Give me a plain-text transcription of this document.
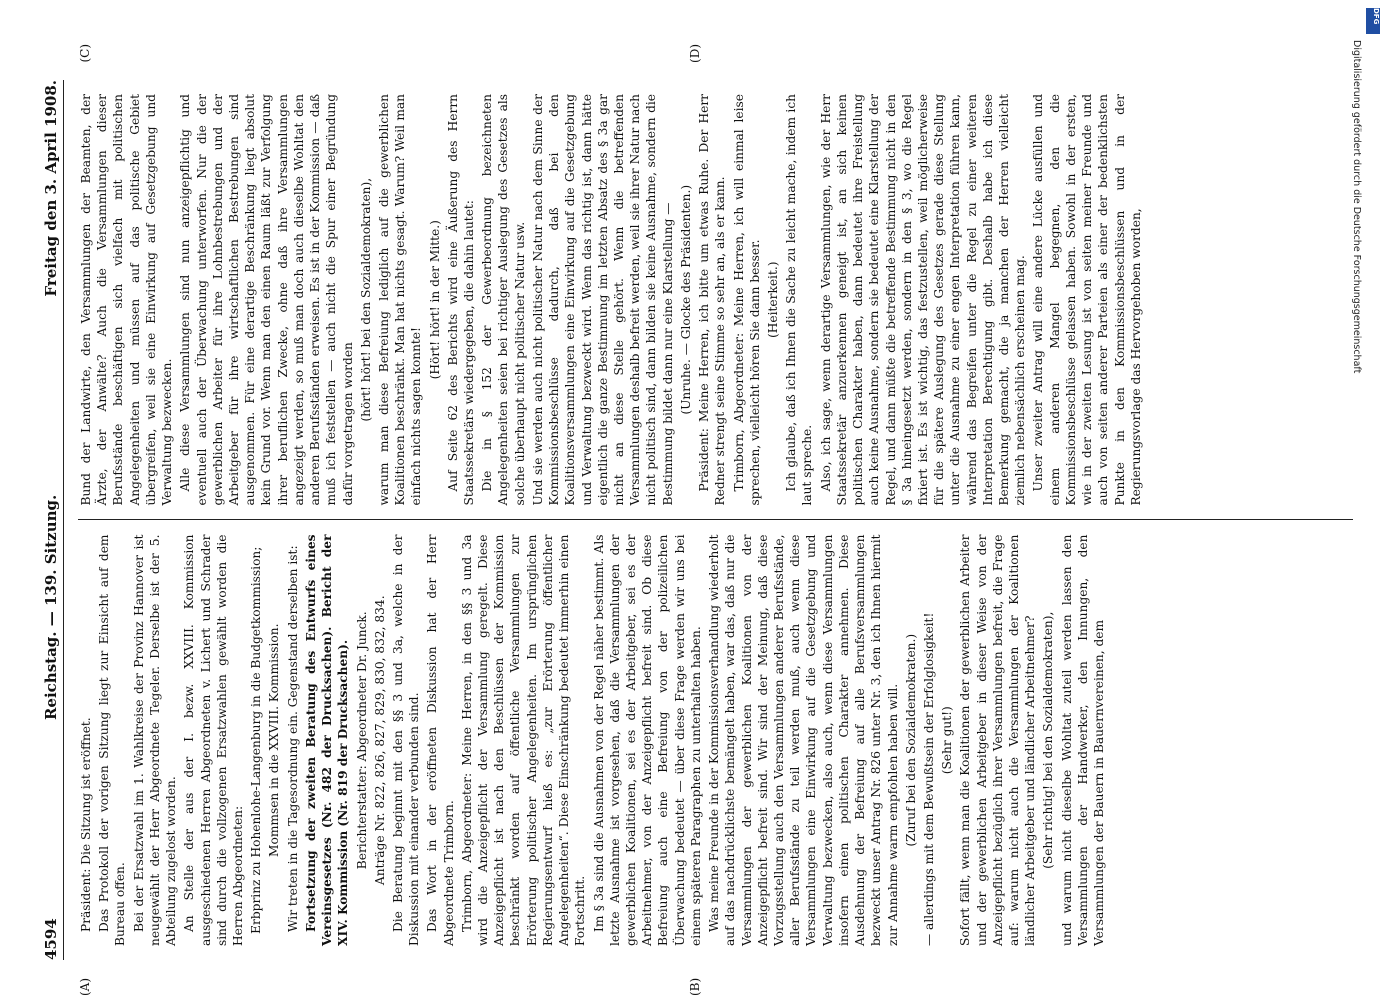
4594
Reichstag. — 139. Sitzung.
Freitag den 3. April 1908.
(A)	(B)

Präsident: Die Sitzung ist eröffnet. Das Protokoll der vorigen Sitzung liegt zur Einsicht auf dem Bureau offen. Bei der Ersatzwahl im 1. Wahlkreise der Provinz Hannover ist neugewählt der Herr Abgeordnete Tegeler. Derselbe ist der 5. Abteilung zugelost worden. An Stelle der aus der I. bezw. XXVIII. Kommission ausgeschiedenen Herren Abgeordneten v. Lichert und Schrader sind durch die vollzogenen Ersatzwahlen gewählt worden die Herren Abgeordneten: Erbprinz zu Hohenlohe-Langenburg in die Budgetkommission; Mommsen in die XXVIII. Kommission. Wir treten in die Tagesordnung ein. Gegenstand derselben ist: Fortsetzung der zweiten Beratung des Entwurfs eines Vereinsgesetzes (Nr. 482 der Drucksachen). Bericht der XIV. Kommission (Nr. 819 der Drucksachen). Berichterstatter: Abgeordneter Dr. Junck. Anträge Nr. 822, 826, 827, 829, 830, 832, 834. Die Beratung beginnt mit den §§ 3 und 3a, welche in der Diskussion mit einander verbunden sind. Das Wort in der eröffneten Diskussion hat der Herr Abgeordnete Trimborn. Trimborn, Abgeordneter: Meine Herren, in den §§ 3 und 3a wird die Anzeigepflicht der Versammlung geregelt. Diese Anzeigepflicht ist nach den Beschlüssen der Kommission beschränkt worden auf öffentliche Versammlungen zur Erörterung politischer Angelegenheiten. Im ursprünglichen Regierungsentwurf hieß es: „zur Erörterung öffentlicher Angelegenheiten“. Diese Einschränkung bedeutet immerhin einen Fortschritt. Im § 3a sind die Ausnahmen von der Regel näher bestimmt. Als letzte Ausnahme ist vorgesehen, daß die Versammlungen der gewerblichen Koalitionen, sei es der Arbeitgeber, sei es der Arbeitnehmer, von der Anzeigepflicht befreit sind. Ob diese Befreiung auch eine Befreiung von der polizeilichen Überwachung bedeutet — über diese Frage werden wir uns bei einem späteren Paragraphen zu unterhalten haben. Was meine Freunde in der Kommissionsverhandlung wiederholt auf das nachdrücklichste bemängelt haben, war das, daß nur die Versammlungen der gewerblichen Koalitionen von der Anzeigepflicht befreit sind. Wir sind der Meinung, daß diese Vorzugsstellung auch den Versammlungen anderer Berufsstände, aller Berufsstände zu teil werden muß, auch wenn diese Versammlungen eine Einwirkung auf die Gesetzgebung und Verwaltung bezwecken, also auch, wenn diese Versammlungen insofern einen politischen Charakter annehmen. Diese Ausdehnung der Befreiung auf alle Berufsversammlungen bezweckt unser Antrag Nr. 826 unter Nr. 3, den ich Ihnen hiermit zur Annahme warm empfohlen haben will. (Zuruf bei den Sozialdemokraten.) — allerdings mit dem Bewußtsein der Erfolglosigkeit! (Sehr gut!) Sofort fällt, wenn man die Koalitionen der gewerblichen Arbeiter und der gewerblichen Arbeitgeber in dieser Weise von der Anzeigepflicht bezüglich ihrer Versammlungen befreit, die Frage auf: warum nicht auch die Versammlungen der Koalitionen ländlicher Arbeitgeber und ländlicher Arbeitnehmer? (Sehr richtig! bei den Sozialdemokraten), und warum nicht dieselbe Wohltat zuteil werden lassen den Versammlungen der Handwerker, den Innungen, den Versammlungen der Bauern in Bauernvereinen, dem

(C)	(D)

Bund der Landwirte, den Versammlungen der Beamten, der Ärzte, der Anwälte? Auch die Versammlungen dieser Berufsstände beschäftigen sich vielfach mit politischen Angelegenheiten und müssen auf das politische Gebiet übergreifen, weil sie eine Einwirkung auf Gesetzgebung und Verwaltung bezwecken. Alle diese Versammlungen sind nun anzeigepflichtig und eventuell auch der Überwachung unterworfen. Nur die der gewerblichen Arbeiter für ihre Lohnbestrebungen und der Arbeitgeber für ihre wirtschaftlichen Bestrebungen sind ausgenommen. Für eine derartige Beschränkung liegt absolut kein Grund vor. Wenn man den einen Raum läßt zur Verfolgung ihrer beruflichen Zwecke, ohne daß ihre Versammlungen angezeigt werden, so muß man doch auch dieselbe Wohltat den anderen Berufsständen erweisen. Es ist in der Kommission — daß muß ich feststellen — auch nicht die Spur einer Begründung dafür vorgetragen worden

(hört! hört! bei den Sozialdemokraten), warum man diese Befreiung lediglich auf die gewerblichen Koalitionen beschränkt. Man hat nichts gesagt. Warum? Weil man einfach nichts sagen konnte!

(Hört! hört! in der Mitte.) Auf Seite 62 des Berichts wird eine Äußerung des Herrn Staatssekretärs wiedergegeben, die dahin lautet: Die in § 152 der Gewerbeordnung bezeichneten Angelegenheiten seien bei richtiger Auslegung des Gesetzes als solche überhaupt nicht politischer Natur usw. Und sie werden auch nicht politischer Natur nach dem Sinne der Kommissionsbeschlüsse dadurch, daß bei den Koalitionsversammlungen eine Einwirkung auf die Gesetzgebung und Verwaltung bezweckt wird. Wenn das richtig ist, dann hätte eigentlich die ganze Bestimmung im letzten Absatz des § 3a gar nicht an diese Stelle gehört. Wenn die betreffenden Versammlungen deshalb befreit werden, weil sie ihrer Natur nach nicht politisch sind, dann bilden sie keine Ausnahme, sondern die Bestimmung bildet dann nur eine Klarstellung — (Unruhe. — Glocke des Präsidenten.) Präsident: Meine Herren, ich bitte um etwas Ruhe. Der Herr Redner strengt seine Stimme so sehr an, als er kann. Trimborn, Abgeordneter: Meine Herren, ich will einmal leise sprechen, vielleicht hören Sie dann besser. (Heiterkeit.) Ich glaube, daß ich Ihnen die Sache zu leicht mache, indem ich laut spreche. Also, ich sage, wenn derartige Versammlungen, wie der Herr Staatssekretär anzuerkennen geneigt ist, an sich keinen politischen Charakter haben, dann bedeutet ihre Freistellung auch keine Ausnahme, sondern sie bedeutet eine Klarstellung der Regel, und dann müßte die betreffende Bestimmung nicht in den § 3a hineingesetzt werden, sondern in den § 3, wo die Regel fixiert ist. Es ist wichtig, das festzustellen, weil möglicherweise für die spätere Auslegung des Gesetzes gerade diese Stellung unter die Ausnahme zu einer engen Interpretation führen kann, während das Begreifen unter die Regel zu einer weiteren Interpretation Berechtigung gibt. Deshalb habe ich diese Bemerkung gemacht, die ja manchen der Herren vielleicht ziemlich nebensächlich erscheinen mag. Unser zweiter Antrag will eine andere Lücke ausfüllen und einem anderen Mangel begegnen, den die Kommissionsbeschlüsse gelassen haben. Sowohl in der ersten, wie in der zweiten Lesung ist von seiten meiner Freunde und auch von seiten anderer Parteien als einer der bedenklichsten Punkte in den Kommissionsbeschlüssen und in der Regierungsvorlage das Hervorgehoben worden,	Digitalisierung gefördert durch die Deutsche Forschungsgemeinschaft
DFG
